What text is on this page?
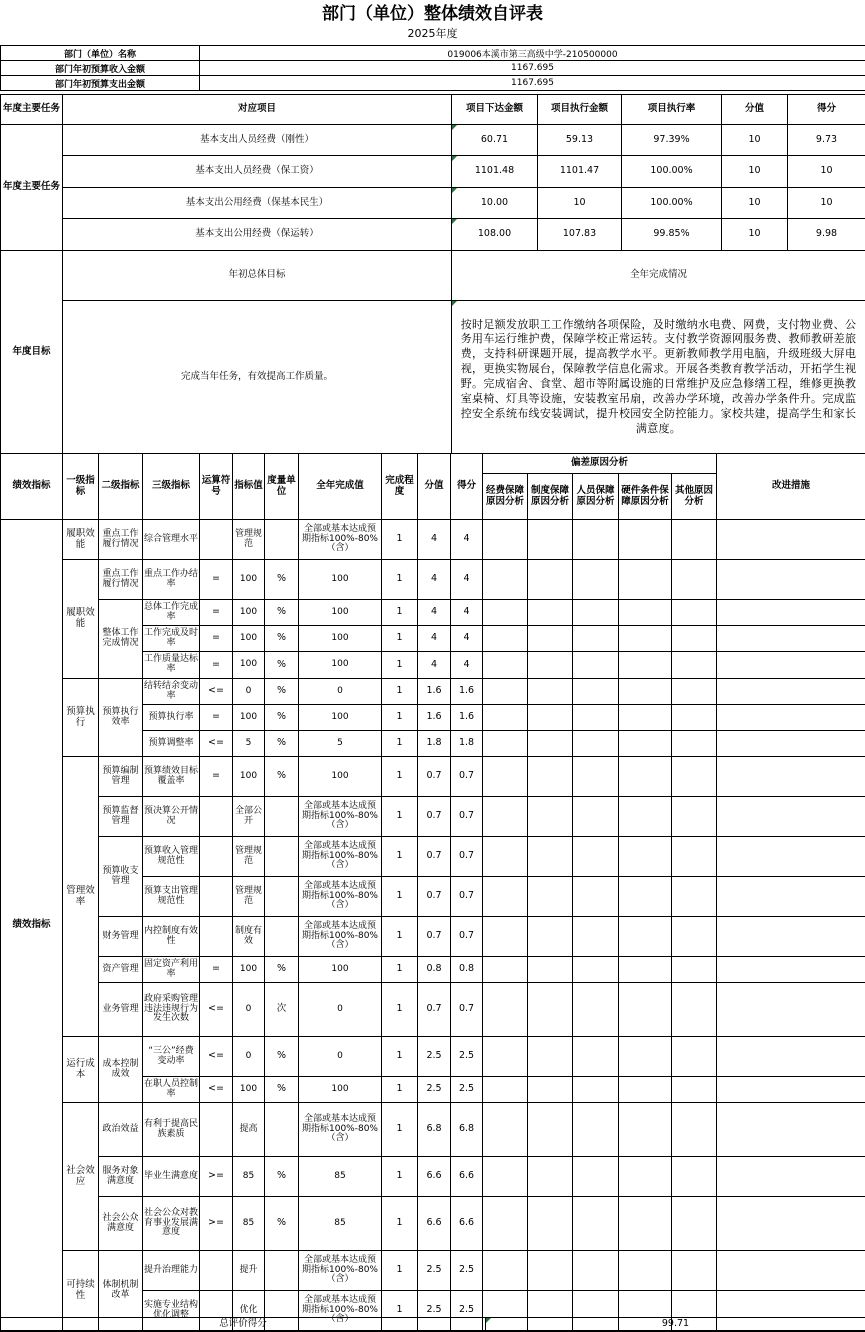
部门（单位）整体绩效自评表
2025年度
部门（单位）名称	019006本溪市第三高级中学-210500000
部门年初预算收入金额	1167.695
部门年初预算支出金额	1167.695
年度主要任务	对应项目	项目下达金额	项目执行金额	项目执行率	分值	得分
年度主要任务	基本支出人员经费（刚性）	60.71	59.13	97.39%	10	9.73
	基本支出人员经费（保工资）	1101.48	1101.47	100.00%	10	10
	基本支出公用经费（保基本民生）	10.00	10	100.00%	10	10
	基本支出公用经费（保运转）	108.00	107.83	99.85%	10	9.98
年度目标	年初总体目标	全年完成情况
	完成当年任务，有效提高工作质量。	按时足额发放职工工作缴纳各项保险，及时缴纳水电费、网费，支付物业费、公务用车运行维护费，保障学校正常运转。支付教学资源网服务费、教师教研差旅费，支持科研课题开展，提高教学水平。更新教师教学用电脑，升级班级大屏电视，更换实物展台，保障教学信息化需求。开展各类教育教学活动，开拓学生视野。完成宿舍、食堂、超市等附属设施的日常维护及应急修缮工程，维修更换教室桌椅、灯具等设施，安装教室吊扇，改善办学环境，改善办学条件升。完成监控安全系统布线安装调试，提升校园安全防控能力。家校共建，提高学生和家长满意度。
绩效指标	一级指标	二级指标	三级指标	运算符号	指标值	度量单位	全年完成值	完成程度	分值	得分	偏差原因分析					改进措施
											经费保障原因分析	制度保障原因分析	人员保障原因分析	硬件条件保障原因分析	其他原因分析	
绩效指标	履职效能	重点工作履行情况	综合管理水平		管理规范		全部或基本达成预期指标100%-80%（含）	1	4	4						
	履职效能	重点工作履行情况	重点工作办结率	=	100	%	100	1	4	4						
		整体工作完成情况	总体工作完成率	=	100	%	100	1	4	4						
			工作完成及时率	=	100	%	100	1	4	4						
			工作质量达标率	=	100	%	100	1	4	4						
	预算执行	预算执行效率	结转结余变动率	<=	0	%	0	1	1.6	1.6						
			预算执行率	=	100	%	100	1	1.6	1.6						
			预算调整率	<=	5	%	5	1	1.8	1.8						
	管理效率	预算编制管理	预算绩效目标覆盖率	=	100	%	100	1	0.7	0.7						
		预算监督管理	预决算公开情况		全部公开		全部或基本达成预期指标100%-80%（含）	1	0.7	0.7						
		预算收支管理	预算收入管理规范性		管理规范		全部或基本达成预期指标100%-80%（含）	1	0.7	0.7						
			预算支出管理规范性		管理规范		全部或基本达成预期指标100%-80%（含）	1	0.7	0.7						
		财务管理	内控制度有效性		制度有效		全部或基本达成预期指标100%-80%（含）	1	0.7	0.7						
		资产管理	固定资产利用率	=	100	%	100	1	0.8	0.8						
		业务管理	政府采购管理违法违规行为发生次数	<=	0	次	0	1	0.7	0.7						
	运行成本	成本控制成效	“三公”经费变动率	<=	0	%	0	1	2.5	2.5						
			在职人员控制率	<=	100	%	100	1	2.5	2.5						
	社会效应	政治效益	有利于提高民族素质		提高		全部或基本达成预期指标100%-80%（含）	1	6.8	6.8						
		服务对象满意度	毕业生满意度	>=	85	%	85	1	6.6	6.6						
		社会公众满意度	社会公众对教育事业发展满意度	>=	85	%	85	1	6.6	6.6						
	可持续性	体制机制改革	提升治理能力		提升		全部或基本达成预期指标100%-80%（含）	1	2.5	2.5						
			实施专业结构优化调整		优化		全部或基本达成预期指标100%-80%（含）	1	2.5	2.5						
总评价得分	99.71
